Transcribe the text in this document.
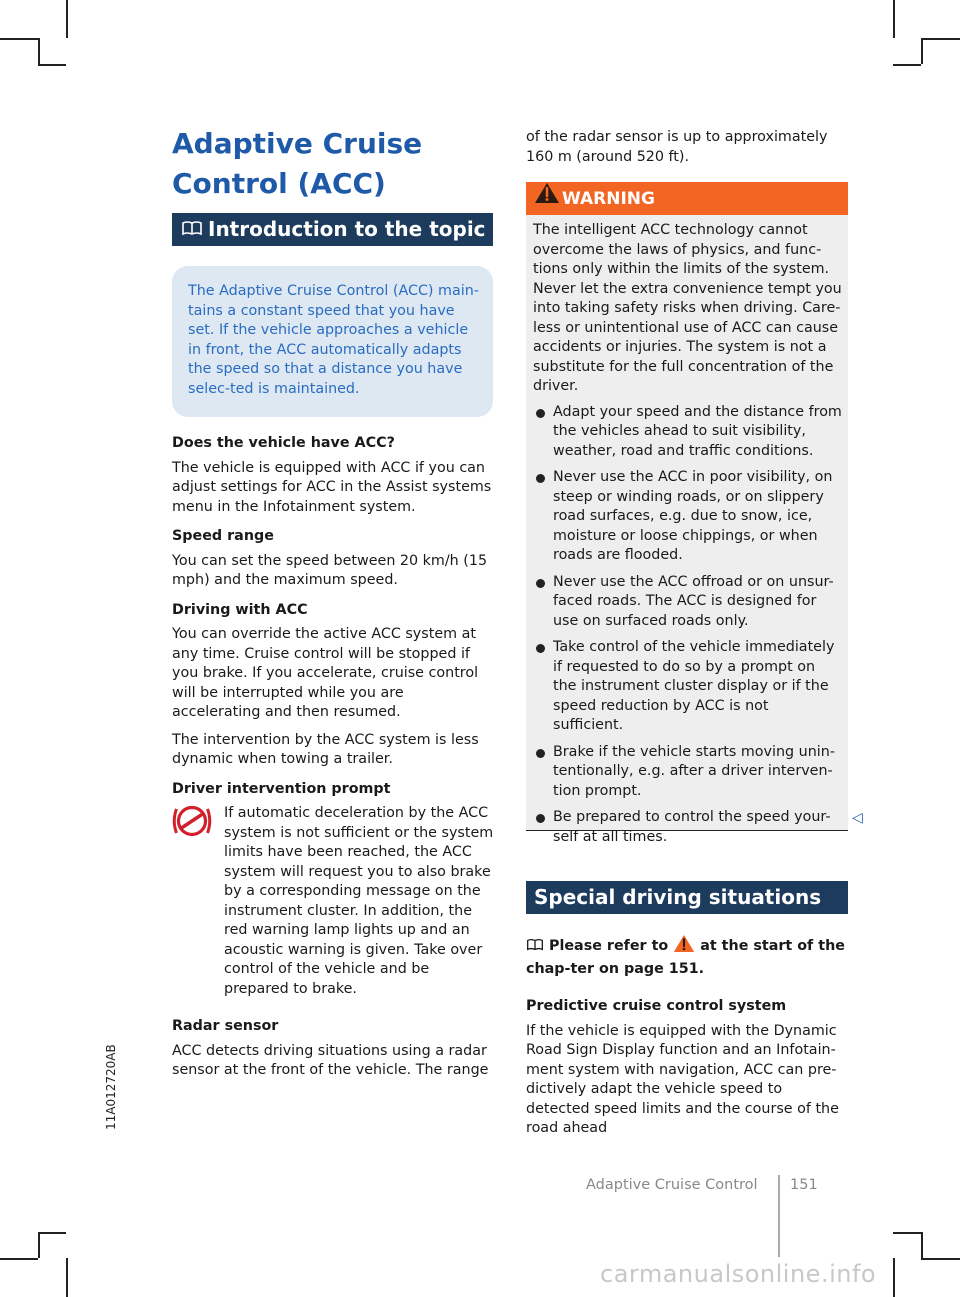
Adaptive Cruise Control (ACC)
Introduction to the topic
The Adaptive Cruise Control (ACC) main-tains a constant speed that you have set. If the vehicle approaches a vehicle in front, the ACC automatically adapts the speed so that a distance you have selec-ted is maintained.
Does the vehicle have ACC?

The vehicle is equipped with ACC if you can adjust settings for ACC in the Assist systems menu in the Infotainment system.

Speed range

You can set the speed between 20 km/h (15 mph) and the maximum speed.

Driving with ACC

You can override the active ACC system at any time. Cruise control will be stopped if you brake. If you accelerate, cruise control will be interrupted while you are accelerating and then resumed.

The intervention by the ACC system is less dynamic when towing a trailer.

Driver intervention prompt

If automatic deceleration by the ACC system is not sufficient or the system limits have been reached, the ACC system will request you to also brake by a corresponding message on the instrument cluster. In addition, the red warning lamp lights up and an acoustic warning is given. Take over control of the vehicle and be prepared to brake.

Radar sensor

ACC detects driving situations using a radar sensor at the front of the vehicle. The range

of the radar sensor is up to approximately 160 m (around 520 ft).

WARNING

The intelligent ACC technology cannot overcome the laws of physics, and func-tions only within the limits of the system. Never let the extra convenience tempt you into taking safety risks when driving. Care-less or unintentional use of ACC can cause accidents or injuries. The system is not a substitute for the full concentration of the driver.

Adapt your speed and the distance from the vehicles ahead to suit visibility, weather, road and traffic conditions.
Never use the ACC in poor visibility, on steep or winding roads, or on slippery road surfaces, e.g. due to snow, ice, moisture or loose chippings, or when roads are flooded.
Never use the ACC offroad or on unsur-faced roads. The ACC is designed for use on surfaced roads only.
Take control of the vehicle immediately if requested to do so by a prompt on the instrument cluster display or if the speed reduction by ACC is not sufficient.
Brake if the vehicle starts moving unin-tentionally, e.g. after a driver interven-tion prompt.
Be prepared to control the speed your-self at all times.
◁
Special driving situations
Please refer to at the start of the chap-ter on page 151.
Predictive cruise control system

If the vehicle is equipped with the Dynamic Road Sign Display function and an Infotain-ment system with navigation, ACC can pre-dictively adapt the vehicle speed to detected speed limits and the course of the road ahead

Adaptive Cruise Control 151
11A012720AB
carmanualsonline.info
